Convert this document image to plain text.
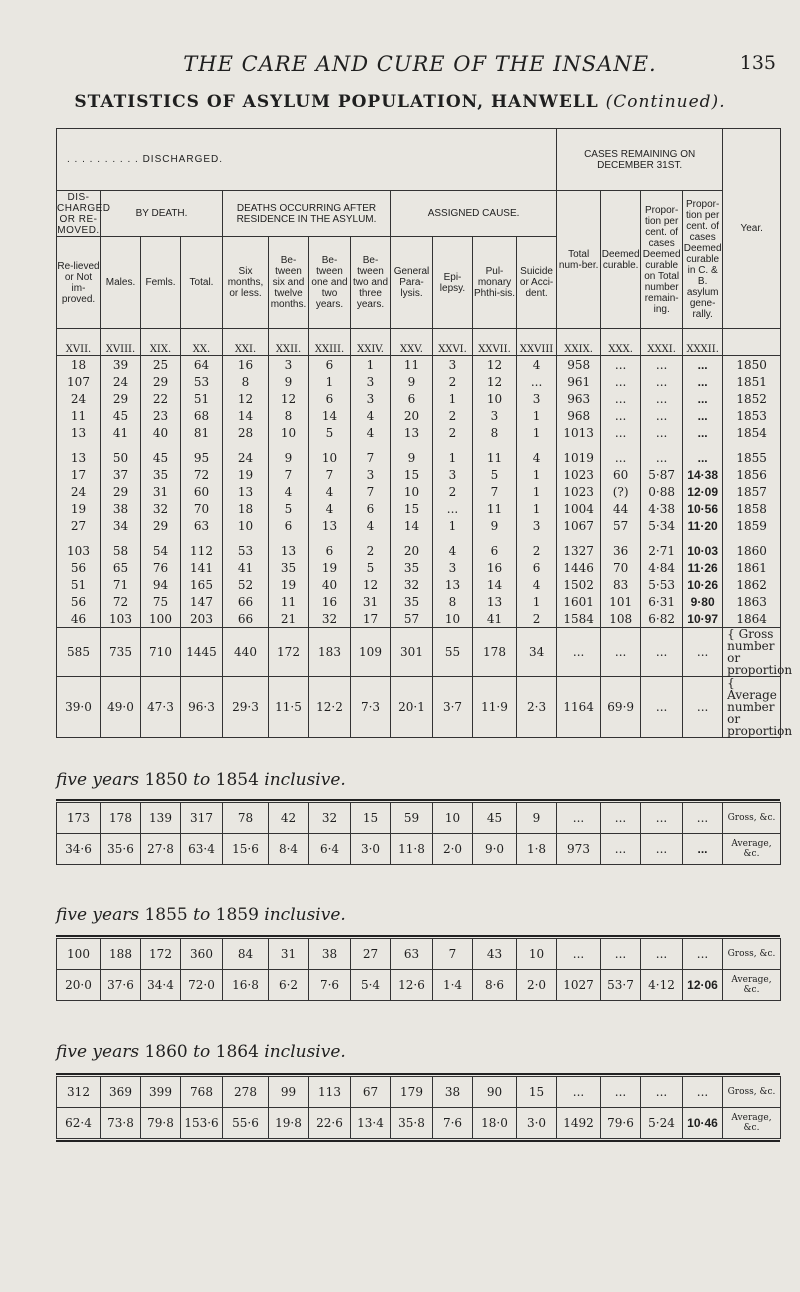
THE CARE AND CURE OF THE INSANE.	135
STATISTICS OF ASYLUM POPULATION, HANWELL (Continued).
. . . . . . . . . . DISCHARGED.												CASES REMAINING ON DECEMBER 31ST.				Year.
DIS-CHARGED OR RE-MOVED.	BY DEATH.			DEATHS OCCURRING AFTER RESIDENCE IN THE ASYLUM.				ASSIGNED CAUSE.				Total num-ber.	Deemed curable.	Propor-tion per cent. of cases Deemed curable on Total number remain-ing.	Propor-tion per cent. of cases Deemed curable in C. & B. asylum gene-rally.	
Re-lieved or Not im-proved.	Males.	Femls.	Total.	Six months, or less.	Be-tween six and twelve months.	Be-tween one and two years.	Be-tween two and three years.	General Para-lysis.	Epi-lepsy.	Pul-monary Phthi-sis.	Suicide or Acci-dent.					
XVII.	XVIII.	XIX.	XX.	XXI.	XXII.	XXIII.	XXIV.	XXV.	XXVI.	XXVII.	XXVIII	XXIX.	XXX.	XXXI.	XXXII.	
18	39	25	64	16	3	6	1	11	3	12	4	958	...	...	...	1850
107	24	29	53	8	9	1	3	9	2	12	...	961	...	...	...	1851
24	29	22	51	12	12	6	3	6	1	10	3	963	...	...	...	1852
11	45	23	68	14	8	14	4	20	2	3	1	968	...	...	...	1853
13	41	40	81	28	10	5	4	13	2	8	1	1013	...	...	...	1854

13	50	45	95	24	9	10	7	9	1	11	4	1019	...	...	...	1855
17	37	35	72	19	7	7	3	15	3	5	1	1023	60	5·87	14·38	1856
24	29	31	60	13	4	4	7	10	2	7	1	1023	(?)	0·88	12·09	1857
19	38	32	70	18	5	4	6	15	...	11	1	1004	44	4·38	10·56	1858
27	34	29	63	10	6	13	4	14	1	9	3	1067	57	5·34	11·20	1859

103	58	54	112	53	13	6	2	20	4	6	2	1327	36	2·71	10·03	1860
56	65	76	141	41	35	19	5	35	3	16	6	1446	70	4·84	11·26	1861
51	71	94	165	52	19	40	12	32	13	14	4	1502	83	5·53	10·26	1862
56	72	75	147	66	11	16	31	35	8	13	1	1601	101	6·31	9·80	1863
46	103	100	203	66	21	32	17	57	10	41	2	1584	108	6·82	10·97	1864
585	735	710	1445	440	172	183	109	301	55	178	34	...	...	...	...	{ Gross number or proportion
39·0	49·0	47·3	96·3	29·3	11·5	12·2	7·3	20·1	3·7	11·9	2·3	1164	69·9	...	...	{ Average number or proportion
five years 1850 to 1854 inclusive.
173	178	139	317	78	42	32	15	59	10	45	9	...	...	...	...	Gross, &c.
34·6	35·6	27·8	63·4	15·6	8·4	6·4	3·0	11·8	2·0	9·0	1·8	973	...	...	...	Average, &c.
five years 1855 to 1859 inclusive.
100	188	172	360	84	31	38	27	63	7	43	10	...	...	...	...	Gross, &c.
20·0	37·6	34·4	72·0	16·8	6·2	7·6	5·4	12·6	1·4	8·6	2·0	1027	53·7	4·12	12·06	Average, &c.
five years 1860 to 1864 inclusive.
312	369	399	768	278	99	113	67	179	38	90	15	...	...	...	...	Gross, &c.
62·4	73·8	79·8	153·6	55·6	19·8	22·6	13·4	35·8	7·6	18·0	3·0	1492	79·6	5·24	10·46	Average, &c.
